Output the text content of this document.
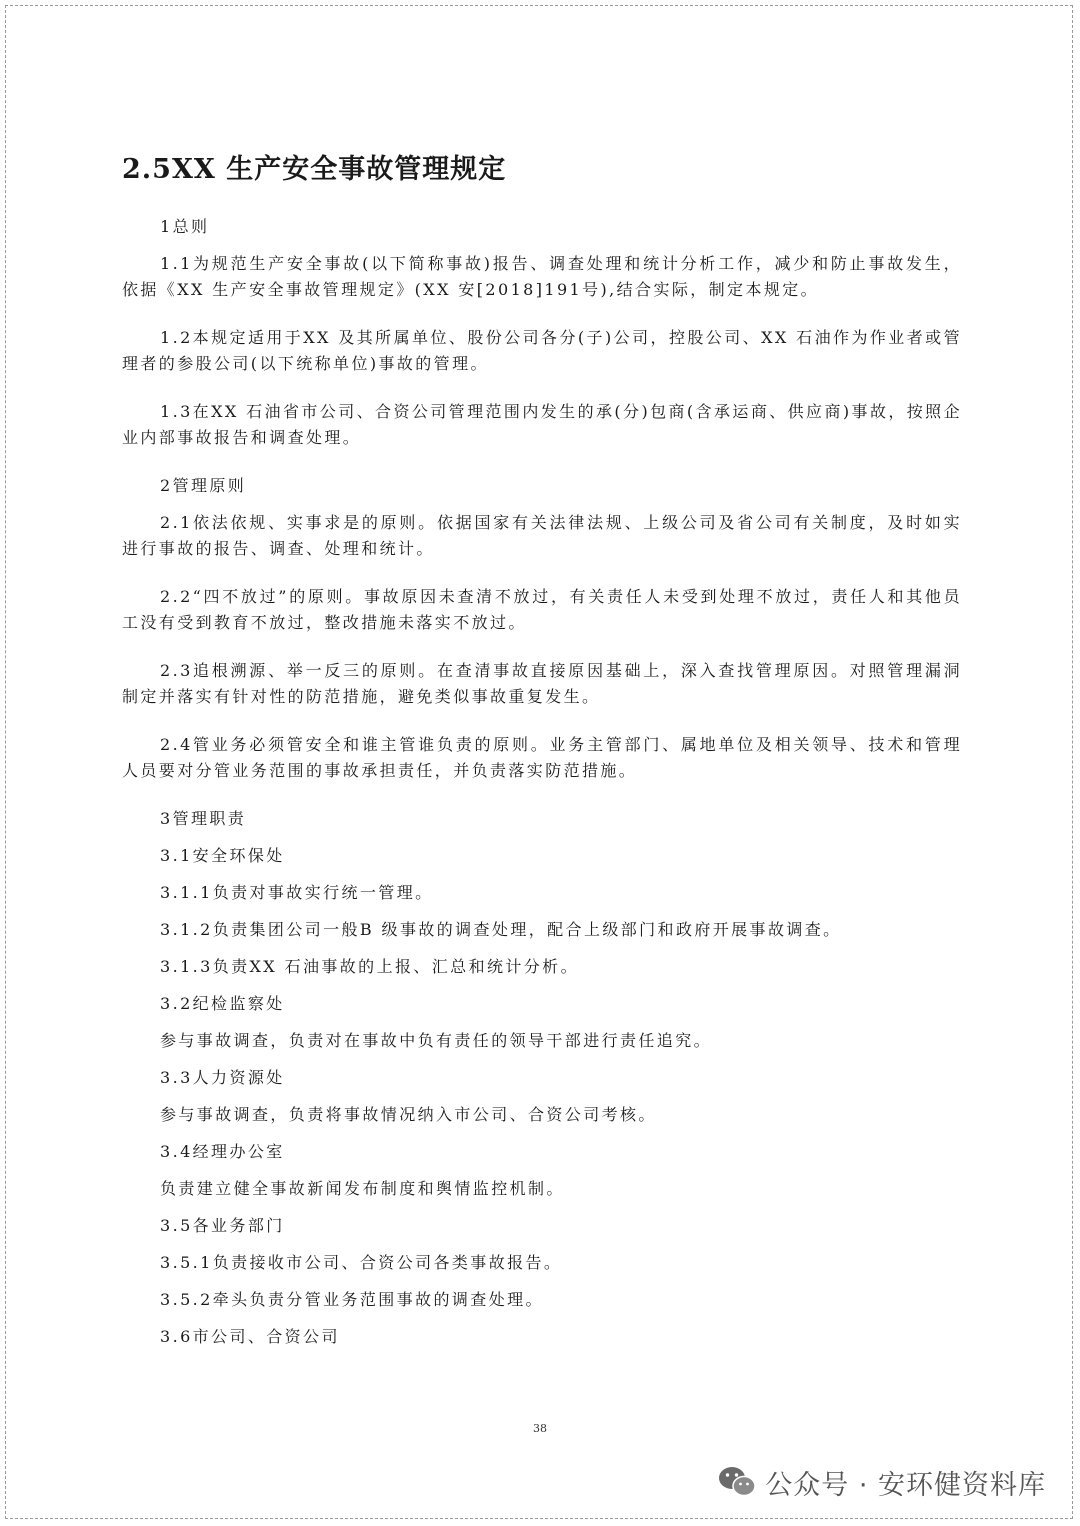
2.5XX 生产安全事故管理规定

1总则

1.1为规范生产安全事故(以下简称事故)报告、调查处理和统计分析工作，减少和防止事故发生，依据《XX 生产安全事故管理规定》(XX 安[2018]191号),结合实际，制定本规定。

1.2本规定适用于XX 及其所属单位、股份公司各分(子)公司，控股公司、XX 石油作为作业者或管理者的参股公司(以下统称单位)事故的管理。

1.3在XX 石油省市公司、合资公司管理范围内发生的承(分)包商(含承运商、供应商)事故，按照企业内部事故报告和调查处理。

2管理原则

2.1依法依规、实事求是的原则。依据国家有关法律法规、上级公司及省公司有关制度，及时如实进行事故的报告、调查、处理和统计。

2.2“四不放过”的原则。事故原因未查清不放过，有关责任人未受到处理不放过，责任人和其他员工没有受到教育不放过，整改措施未落实不放过。

2.3追根溯源、举一反三的原则。在查清事故直接原因基础上，深入查找管理原因。对照管理漏洞制定并落实有针对性的防范措施，避免类似事故重复发生。

2.4管业务必须管安全和谁主管谁负责的原则。业务主管部门、属地单位及相关领导、技术和管理人员要对分管业务范围的事故承担责任，并负责落实防范措施。

3管理职责

3.1安全环保处

3.1.1负责对事故实行统一管理。

3.1.2负责集团公司一般B 级事故的调查处理，配合上级部门和政府开展事故调查。

3.1.3负责XX 石油事故的上报、汇总和统计分析。

3.2纪检监察处

参与事故调查，负责对在事故中负有责任的领导干部进行责任追究。

3.3人力资源处

参与事故调查，负责将事故情况纳入市公司、合资公司考核。

3.4经理办公室

负责建立健全事故新闻发布制度和舆情监控机制。

3.5各业务部门

3.5.1负责接收市公司、合资公司各类事故报告。

3.5.2牵头负责分管业务范围事故的调查处理。

3.6市公司、合资公司

38
公众号 · 安环健资料库
